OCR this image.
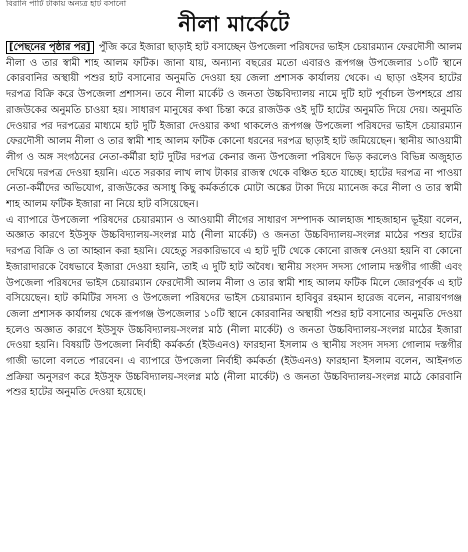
বিরানি পার্টি টাকায় অন্যত্র হাট বসানো
নীলা মার্কেটে

[পেছনের পৃষ্ঠার পর] পুঁজি করে ইজারা ছাড়াই হাট বসাচ্ছেন উপজেলা পরিষদের ভাইস চেয়ারম্যান ফেরদৌসী আলম নীলা ও তার স্বামী শাহ আলম ফটিক। জানা যায়, অন্যান্য বছরের মতো এবারও রূপগঞ্জ উপজেলার ১০টি স্থানে কোরবানির অস্থায়ী পশুর হাট বসানোর অনুমতি দেওয়া হয় জেলা প্রশাসক কার্যালয় থেকে। এ ছাড়া ওইসব হাটের দরপত্র বিক্রি করে উপজেলা প্রশাসন। তবে নীলা মার্কেট ও জনতা উচ্চবিদ্যালয় নামে দুটি হাট পূর্বাচল উপশহরে প্রায় রাজউকের অনুমতি চাওয়া হয়। সাধারণ মানুষের কথা চিন্তা করে রাজউক ওই দুটি হাটের অনুমতি দিয়ে দেয়। অনুমতি দেওয়ার পর দরপত্রের মাধ্যমে হাট দুটি ইজারা দেওয়ার কথা থাকলেও রূপগঞ্জ উপজেলা পরিষদের ভাইস চেয়ারম্যান ফেরদৌসী আলম নীলা ও তার স্বামী শাহ আলম ফটিক কোনো ধরনের দরপত্র ছাড়াই হাট জমিয়েছেন। স্থানীয় আওয়ামী লীগ ও অঙ্গ সংগঠনের নেতা-কর্মীরা হাট দুটির দরপত্র কেনার জন্য উপজেলা পরিষদে ভিড় করলেও বিভিন্ন অজুহাত দেখিয়ে দরপত্র দেওয়া হয়নি। এতে সরকার লাখ লাখ টাকার রাজস্ব থেকে বঞ্চিত হতে যাচ্ছে। হাটের দরপত্র না পাওয়া নেতা-কর্মীদের অভিযোগ, রাজউকের অসাধু কিছু কর্মকর্তাকে মোটা অঙ্কের টাকা দিয়ে ম্যানেজ করে নীলা ও তার স্বামী শাহ আলম ফটিক ইজারা না নিয়ে হাট বসিয়েছেন।

এ ব্যাপারে উপজেলা পরিষদের চেয়ারম্যান ও আওয়ামী লীগের সাধারণ সম্পাদক আলহাজ শাহজাহান ভূইয়া বলেন, অজ্ঞাত কারণে ইউসুফ উচ্চবিদ্যালয়-সংলগ্ন মাঠ (নীলা মার্কেট) ও জনতা উচ্চবিদ্যালয়-সংলগ্ন মাঠের পশুর হাটের দরপত্র বিক্রি ও তা আহ্বান করা হয়নি। যেহেতু সরকারিভাবে এ হাট দুটি থেকে কোনো রাজস্ব নেওয়া হয়নি বা কোনো ইজারাদারকে বৈধভাবে ইজারা দেওয়া হয়নি, তাই এ দুটি হাট অবৈধ। স্থানীয় সংসদ সদস্য গোলাম দস্তগীর গাজী এবং উপজেলা পরিষদের ভাইস চেয়ারম্যান ফেরদৌসী আলম নীলা ও তার স্বামী শাহ আলম ফটিক মিলে জোরপূর্বক এ হাট বসিয়েছেন। হাট কমিটির সদস্য ও উপজেলা পরিষদের ভাইস চেয়ারম্যান হাবিবুর রহমান হারেজ বলেন, নারায়ণগঞ্জ জেলা প্রশাসক কার্যালয় থেকে রূপগঞ্জ উপজেলার ১০টি স্থানে কোরবানির অস্থায়ী পশুর হাট বসানোর অনুমতি দেওয়া হলেও অজ্ঞাত কারণে ইউসুফ উচ্চবিদ্যালয়-সংলগ্ন মাঠ (নীলা মার্কেট) ও জনতা উচ্চবিদ্যালয়-সংলগ্ন মাঠের ইজারা দেওয়া হয়নি। বিষয়টি উপজেলা নির্বাহী কর্মকর্তা (ইউএনও) ফারহানা ইসলাম ও স্থানীয় সংসদ সদস্য গোলাম দস্তগীর গাজী ভালো বলতে পারবেন। এ ব্যাপারে উপজেলা নির্বাহী কর্মকর্তা (ইউএনও) ফারহানা ইসলাম বলেন, আইনগত প্রক্রিয়া অনুসরণ করে ইউসুফ উচ্চবিদ্যালয়-সংলগ্ন মাঠ (নীলা মার্কেট) ও জনতা উচ্চবিদ্যালয়-সংলগ্ন মাঠে কোরবানি পশুর হাটের অনুমতি দেওয়া হয়েছে।
